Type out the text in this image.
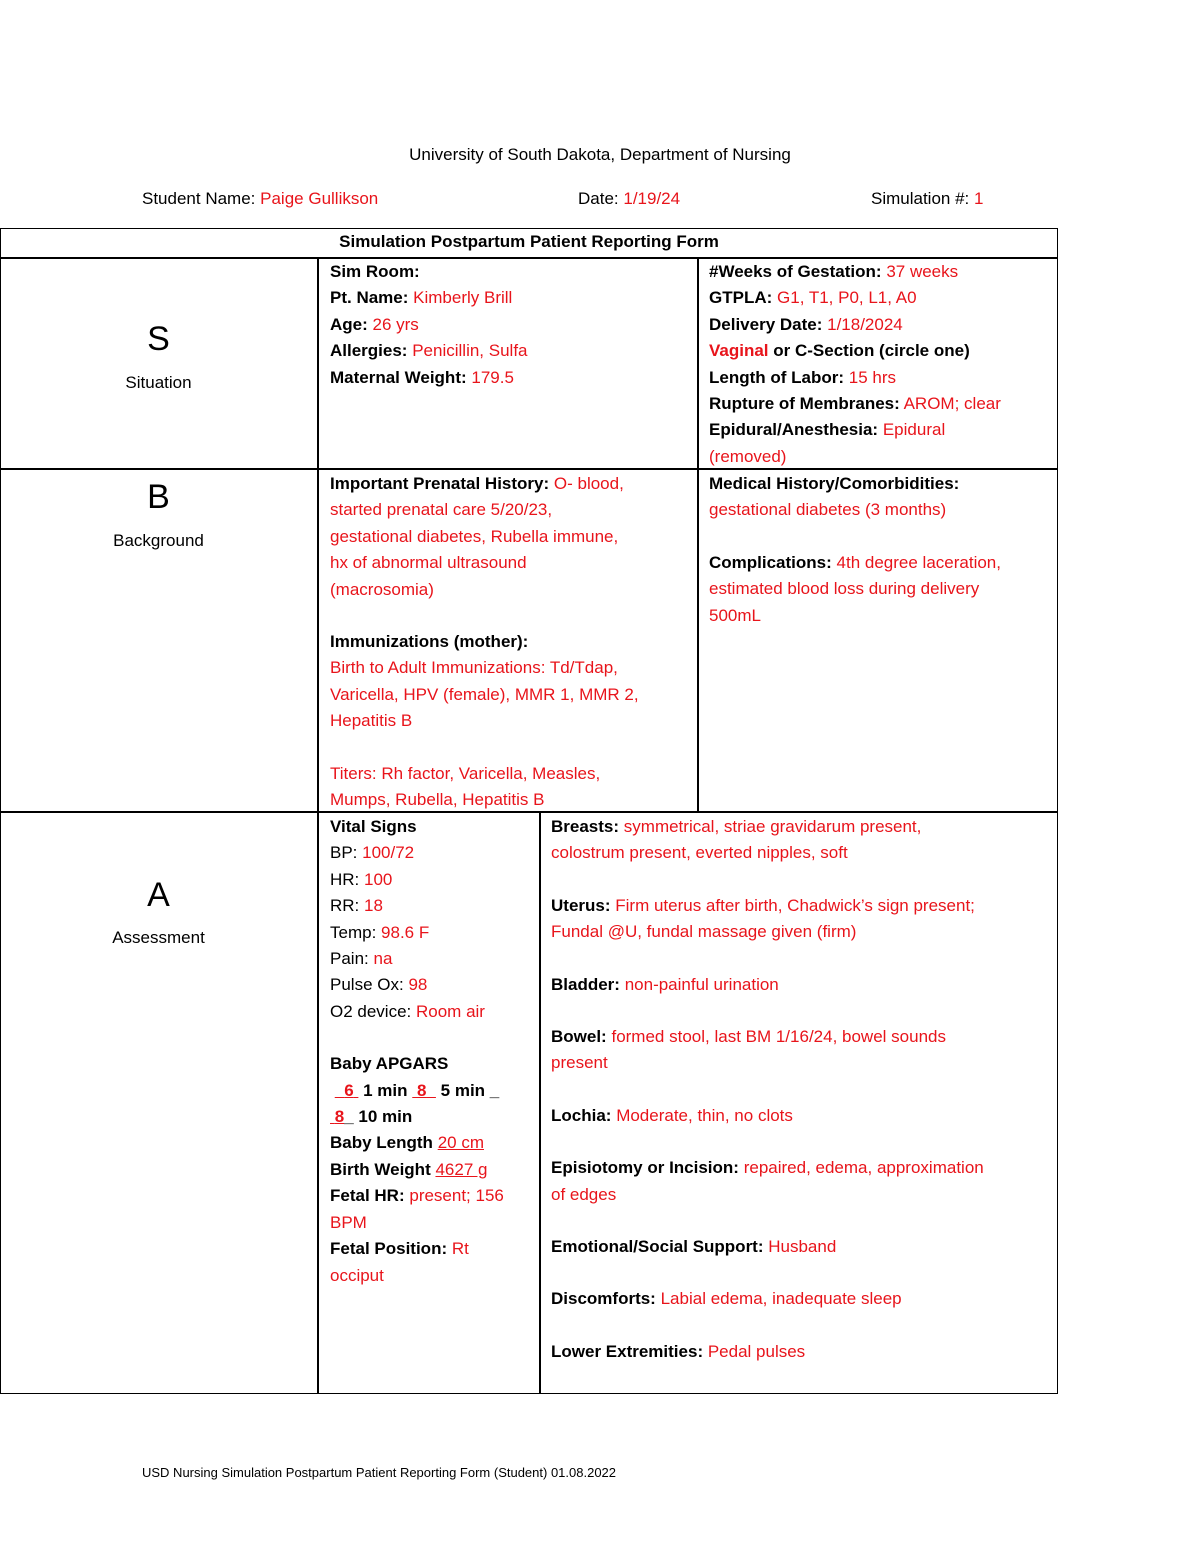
University of South Dakota, Department of Nursing
Student Name: Paige Gullikson	Date: 1/19/24	Simulation #: 1
Simulation Postpartum Patient Reporting Form
S
Situation
Sim Room:
Pt. Name: Kimberly Brill
Age: 26 yrs
Allergies: Penicillin, Sulfa
Maternal Weight: 179.5
#Weeks of Gestation: 37 weeks
GTPLA: G1, T1, P0, L1, A0
Delivery Date: 1/18/2024
Vaginal or C-Section (circle one)
Length of Labor: 15 hrs
Rupture of Membranes: AROM; clear
Epidural/Anesthesia: Epidural
(removed)
B
Background
Important Prenatal History: O- blood,
started prenatal care 5/20/23,
gestational diabetes, Rubella immune,
hx of abnormal ultrasound
(macrosomia)
Immunizations (mother):
Birth to Adult Immunizations: Td/Tdap,
Varicella, HPV (female), MMR 1, MMR 2,
Hepatitis B
Titers: Rh factor, Varicella, Measles,
Mumps, Rubella, Hepatitis B
Medical History/Comorbidities:
gestational diabetes (3 months)
Complications: 4th degree laceration,
estimated blood loss during delivery
500mL
A
Assessment
Vital Signs
BP: 100/72
HR: 100
RR: 18
Temp: 98.6 F
Pain: na
Pulse Ox: 98
O2 device: Room air
Baby APGARS
6 1 min 8 5 min _
8_ 10 min
Baby Length 20 cm
Birth Weight 4627 g
Fetal HR: present; 156
BPM
Fetal Position: Rt
occiput
Breasts: symmetrical, striae gravidarum present,
colostrum present, everted nipples, soft
Uterus: Firm uterus after birth, Chadwick’s sign present;
Fundal @U, fundal massage given (firm)
Bladder: non-painful urination
Bowel: formed stool, last BM 1/16/24, bowel sounds
present
Lochia: Moderate, thin, no clots
Episiotomy or Incision: repaired, edema, approximation
of edges
Emotional/Social Support: Husband
Discomforts: Labial edema, inadequate sleep
Lower Extremities: Pedal pulses
USD Nursing Simulation Postpartum Patient Reporting Form (Student) 01.08.2022
